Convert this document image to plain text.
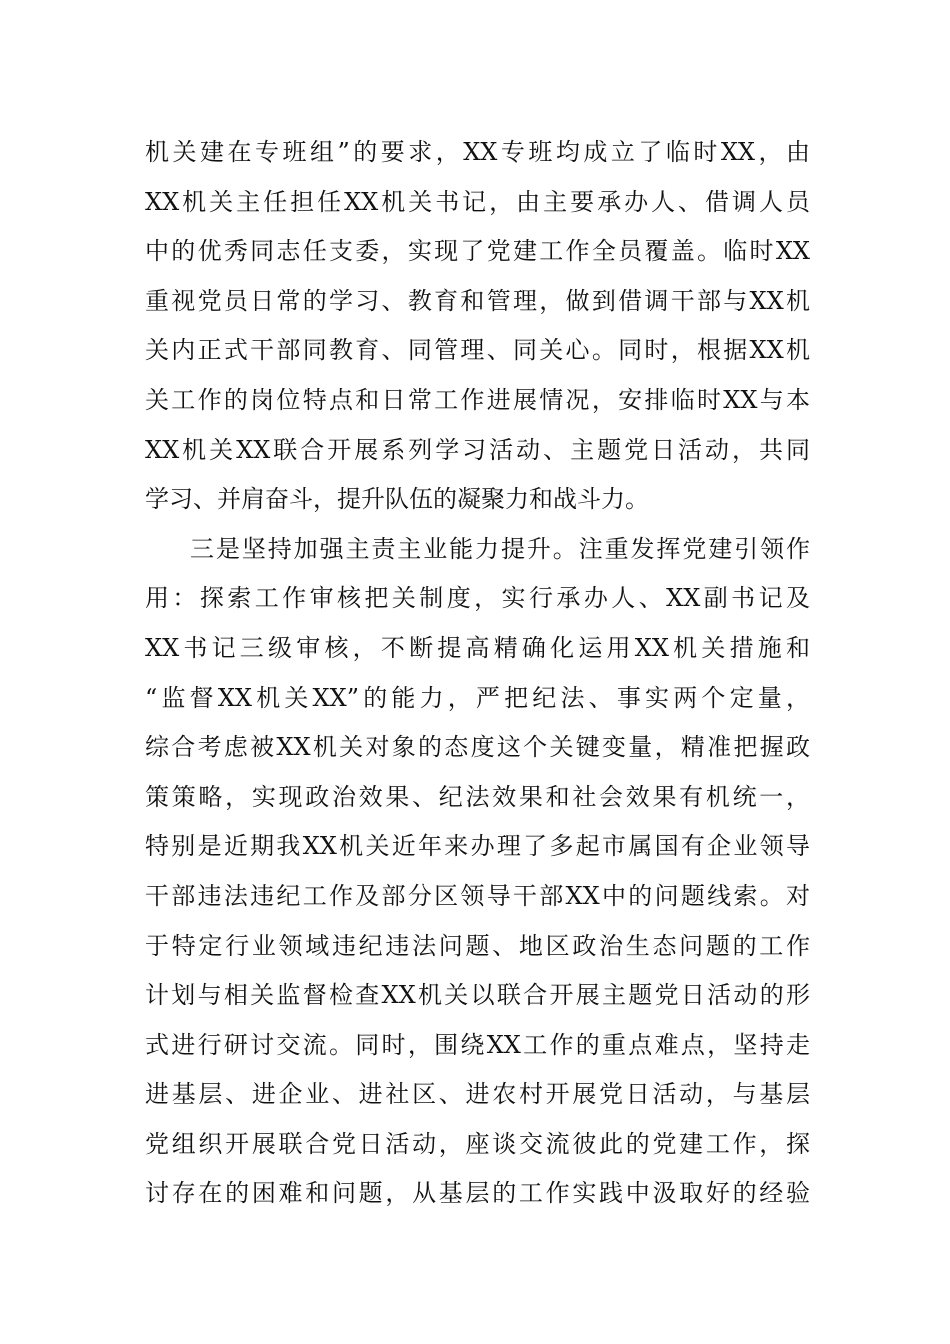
机关建在专班组”的要求，XX专班均成立了临时XX，由
XX机关主任担任XX机关书记，由主要承办人、借调人员
中的优秀同志任支委，实现了党建工作全员覆盖。临时XX
重视党员日常的学习、教育和管理，做到借调干部与XX机
关内正式干部同教育、同管理、同关心。同时，根据XX机
关工作的岗位特点和日常工作进展情况，安排临时XX与本
XX机关XX联合开展系列学习活动、主题党日活动，共同
学习、并肩奋斗，提升队伍的凝聚力和战斗力。
三是坚持加强主责主业能力提升。注重发挥党建引领作
用：探索工作审核把关制度，实行承办人、XX副书记及
XX书记三级审核，不断提高精确化运用XX机关措施和
“监督XX机关XX”的能力，严把纪法、事实两个定量，
综合考虑被XX机关对象的态度这个关键变量，精准把握政
策策略，实现政治效果、纪法效果和社会效果有机统一，
特别是近期我XX机关近年来办理了多起市属国有企业领导
干部违法违纪工作及部分区领导干部XX中的问题线索。对
于特定行业领域违纪违法问题、地区政治生态问题的工作
计划与相关监督检查XX机关以联合开展主题党日活动的形
式进行研讨交流。同时，围绕XX工作的重点难点，坚持走
进基层、进企业、进社区、进农村开展党日活动，与基层
党组织开展联合党日活动，座谈交流彼此的党建工作，探
讨存在的困难和问题，从基层的工作实践中汲取好的经验
